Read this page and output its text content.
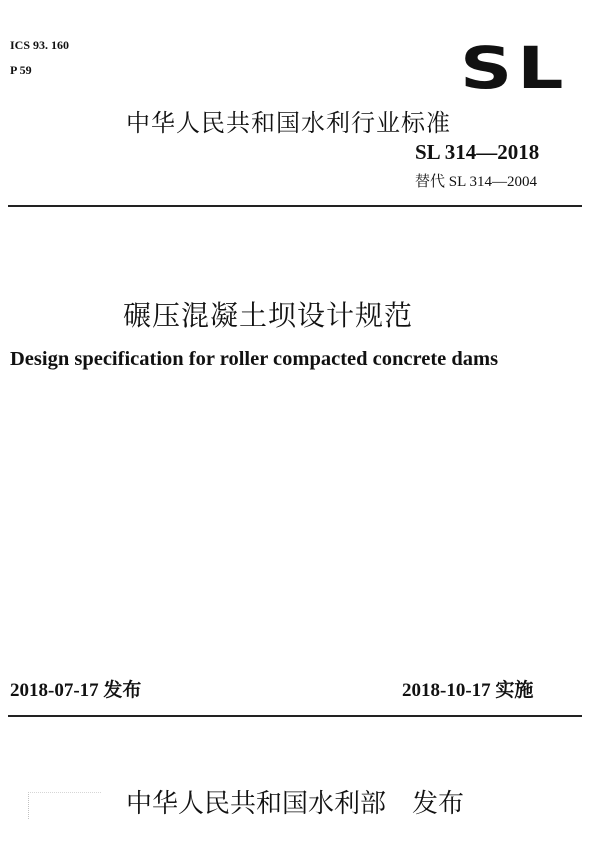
ICS 93. 160
P 59	SL
中华人民共和国水利行业标准
SL 314—2018
替代 SL 314—2004
碾压混凝土坝设计规范
Design specification for roller compacted concrete dams
2018-07-17 发布	2018-10-17 实施
中华人民共和国水利部　发布
